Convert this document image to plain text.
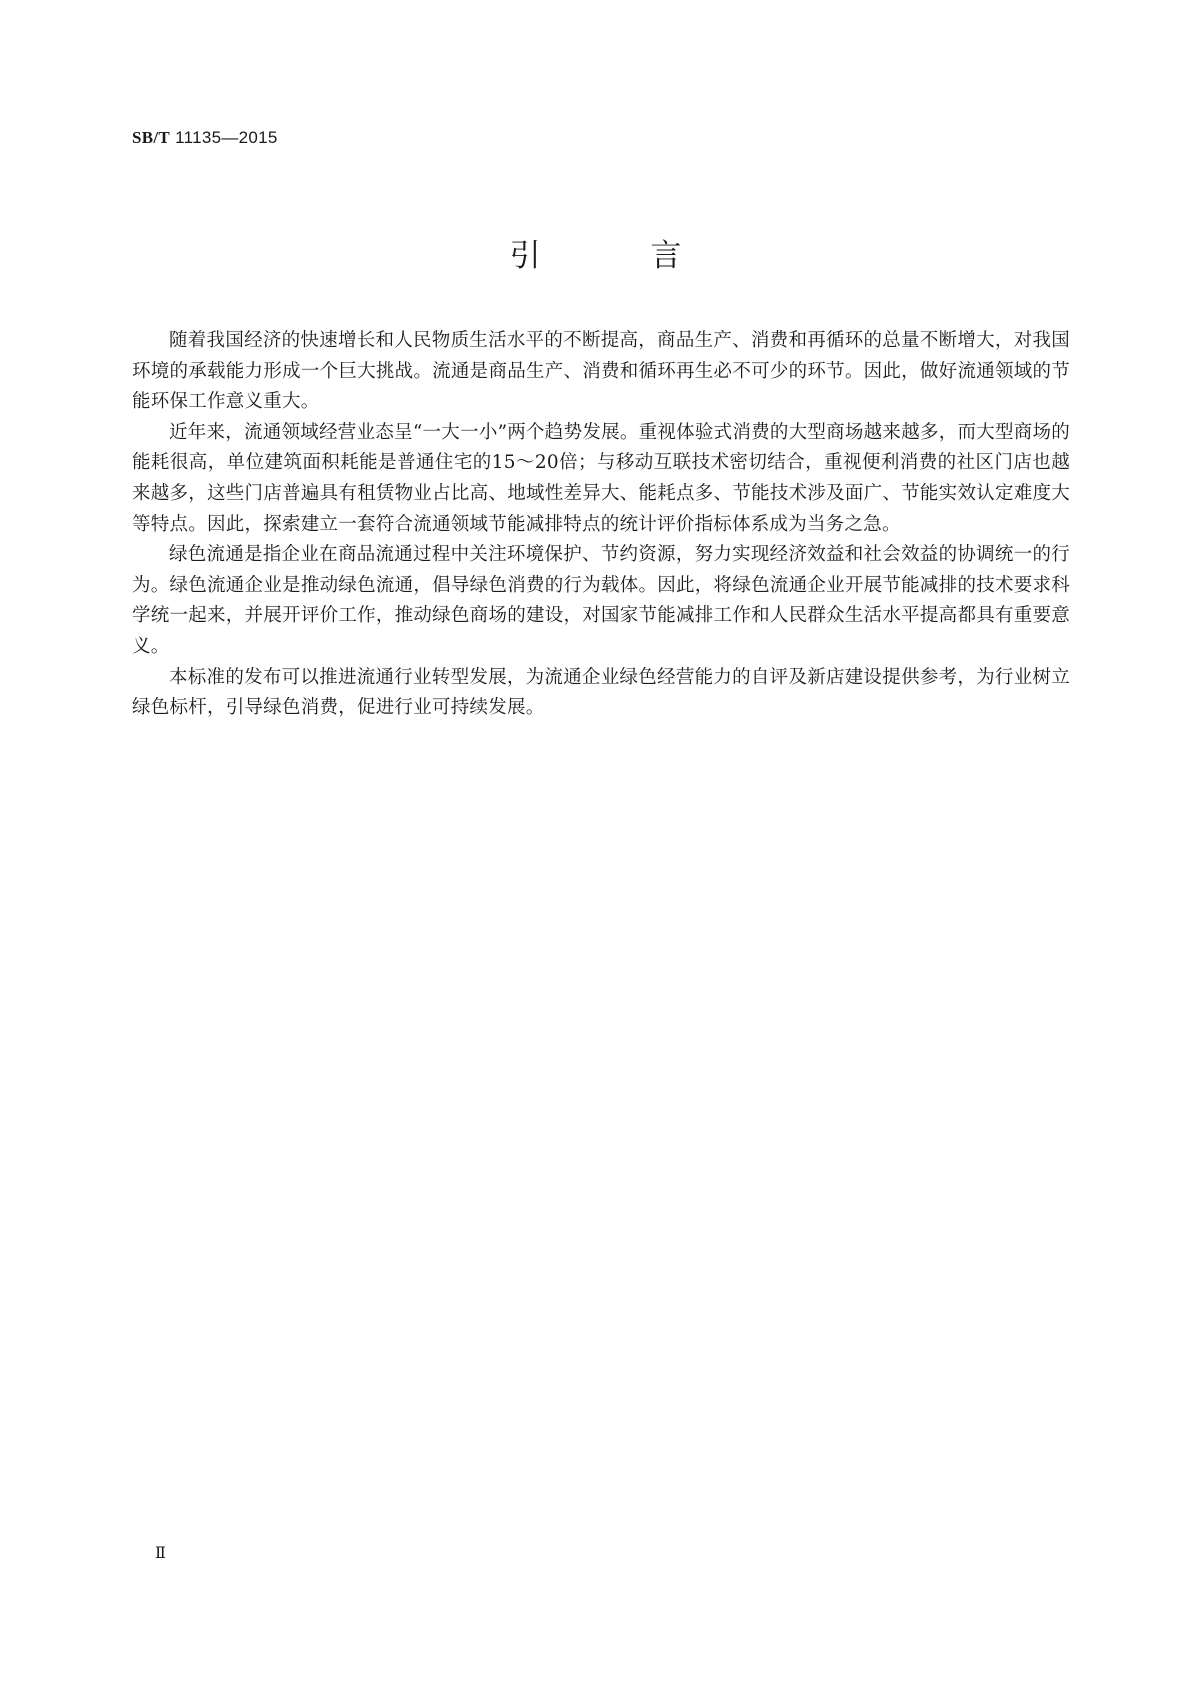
SB/T 11135—2015
引 言

随着我国经济的快速增长和人民物质生活水平的不断提高，商品生产、消费和再循环的总量不断增大，对我国环境的承载能力形成一个巨大挑战。流通是商品生产、消费和循环再生必不可少的环节。因此，做好流通领域的节能环保工作意义重大。

近年来，流通领域经营业态呈“一大一小”两个趋势发展。重视体验式消费的大型商场越来越多，而大型商场的能耗很高，单位建筑面积耗能是普通住宅的15～20倍；与移动互联技术密切结合，重视便利消费的社区门店也越来越多，这些门店普遍具有租赁物业占比高、地域性差异大、能耗点多、节能技术涉及面广、节能实效认定难度大等特点。因此，探索建立一套符合流通领域节能减排特点的统计评价指标体系成为当务之急。

绿色流通是指企业在商品流通过程中关注环境保护、节约资源，努力实现经济效益和社会效益的协调统一的行为。绿色流通企业是推动绿色流通，倡导绿色消费的行为载体。因此，将绿色流通企业开展节能减排的技术要求科学统一起来，并展开评价工作，推动绿色商场的建设，对国家节能减排工作和人民群众生活水平提高都具有重要意义。

本标准的发布可以推进流通行业转型发展，为流通企业绿色经营能力的自评及新店建设提供参考，为行业树立绿色标杆，引导绿色消费，促进行业可持续发展。

Ⅱ
